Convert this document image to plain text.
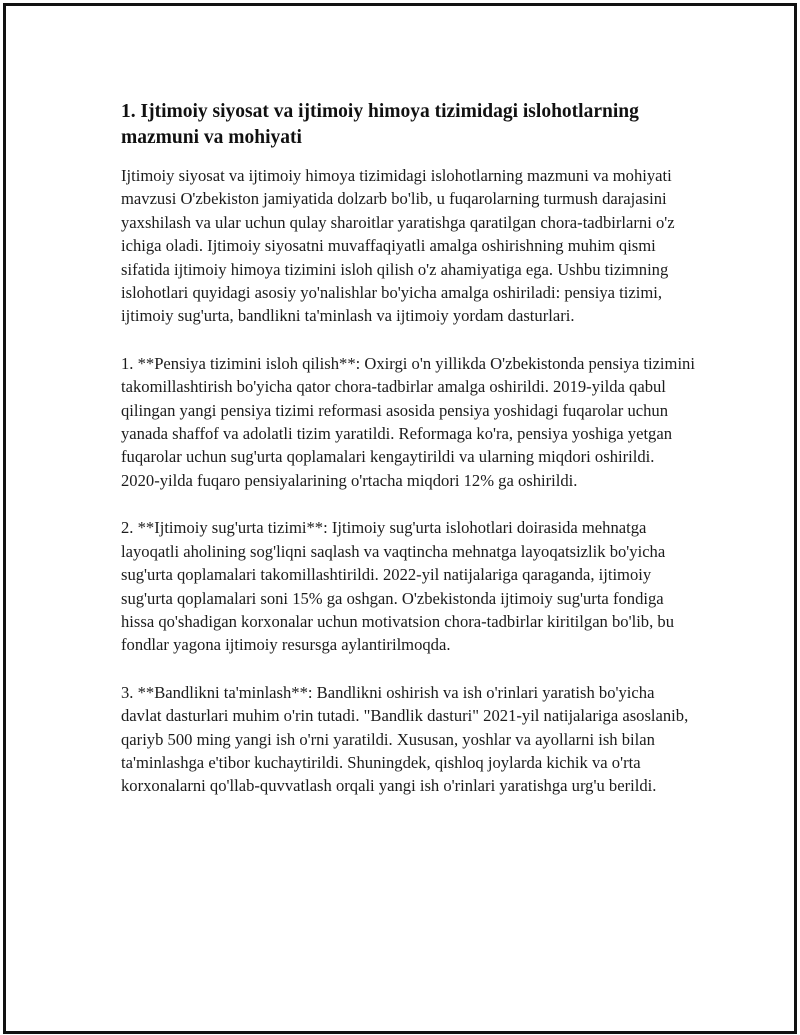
1. Ijtimoiy siyosat va ijtimoiy himoya tizimidagi islohotlarning mazmuni va mohiyati

Ijtimoiy siyosat va ijtimoiy himoya tizimidagi islohotlarning mazmuni va mohiyati mavzusi O'zbekiston jamiyatida dolzarb bo'lib, u fuqarolarning turmush darajasini yaxshilash va ular uchun qulay sharoitlar yaratishga qaratilgan chora-tadbirlarni o'z ichiga oladi. Ijtimoiy siyosatni muvaffaqiyatli amalga oshirishning muhim qismi sifatida ijtimoiy himoya tizimini isloh qilish o'z ahamiyatiga ega. Ushbu tizimning islohotlari quyidagi asosiy yo'nalishlar bo'yicha amalga oshiriladi: pensiya tizimi, ijtimoiy sug'urta, bandlikni ta'minlash va ijtimoiy yordam dasturlari.

1. **Pensiya tizimini isloh qilish**: Oxirgi o'n yillikda O'zbekistonda pensiya tizimini takomillashtirish bo'yicha qator chora-tadbirlar amalga oshirildi. 2019-yilda qabul qilingan yangi pensiya tizimi reformasi asosida pensiya yoshidagi fuqarolar uchun yanada shaffof va adolatli tizim yaratildi. Reformaga ko'ra, pensiya yoshiga yetgan fuqarolar uchun sug'urta qoplamalari kengaytirildi va ularning miqdori oshirildi. 2020-yilda fuqaro pensiyalarining o'rtacha miqdori 12% ga oshirildi.

2. **Ijtimoiy sug'urta tizimi**: Ijtimoiy sug'urta islohotlari doirasida mehnatga layoqatli aholining sog'liqni saqlash va vaqtincha mehnatga layoqatsizlik bo'yicha sug'urta qoplamalari takomillashtirildi. 2022-yil natijalariga qaraganda, ijtimoiy sug'urta qoplamalari soni 15% ga oshgan. O'zbekistonda ijtimoiy sug'urta fondiga hissa qo'shadigan korxonalar uchun motivatsion chora-tadbirlar kiritilgan bo'lib, bu fondlar yagona ijtimoiy resursga aylantirilmoqda.

3. **Bandlikni ta'minlash**: Bandlikni oshirish va ish o'rinlari yaratish bo'yicha davlat dasturlari muhim o'rin tutadi. "Bandlik dasturi" 2021-yil natijalariga asoslanib, qariyb 500 ming yangi ish o'rni yaratildi. Xususan, yoshlar va ayollarni ish bilan ta'minlashga e'tibor kuchaytirildi. Shuningdek, qishloq joylarda kichik va o'rta korxonalarni qo'llab-quvvatlash orqali yangi ish o'rinlari yaratishga urg'u berildi.
